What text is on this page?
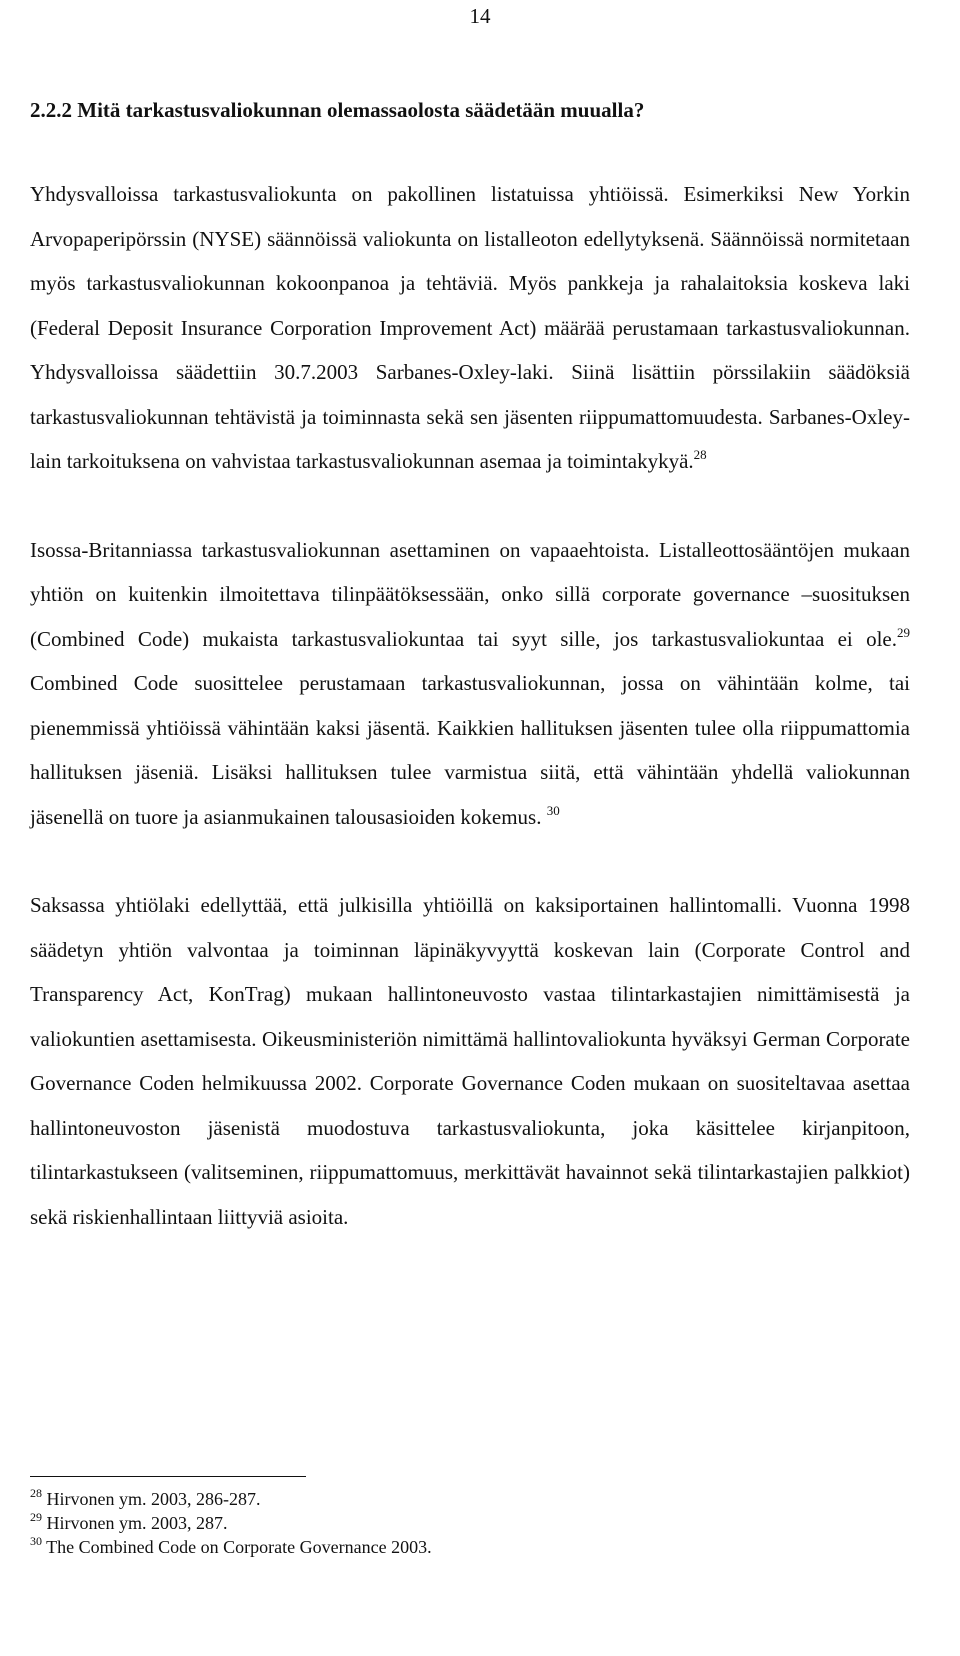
14
2.2.2 Mitä tarkastusvaliokunnan olemassaolosta säädetään muualla?

Yhdysvalloissa tarkastusvaliokunta on pakollinen listatuissa yhtiöissä. Esimerkiksi New Yorkin Arvopaperipörssin (NYSE) säännöissä valiokunta on listalleoton edellytyksenä. Säännöissä normitetaan myös tarkastusvaliokunnan kokoonpanoa ja tehtäviä. Myös pankkeja ja rahalaitoksia koskeva laki (Federal Deposit Insurance Corporation Improvement Act) määrää perustamaan tarkastusvaliokunnan. Yhdysvalloissa säädettiin 30.7.2003 Sarbanes-Oxley-laki. Siinä lisättiin pörssilakiin säädöksiä tarkastusvaliokunnan tehtävistä ja toiminnasta sekä sen jäsenten riippumattomuudesta. Sarbanes-Oxley-lain tarkoituksena on vahvistaa tarkastusvaliokunnan asemaa ja toimintakykyä.$^{28}$

Isossa-Britanniassa tarkastusvaliokunnan asettaminen on vapaaehtoista. Listalleottosääntöjen mukaan yhtiön on kuitenkin ilmoitettava tilinpäätöksessään, onko sillä corporate governance –suosituksen (Combined Code) mukaista tarkastusvaliokuntaa tai syyt sille, jos tarkastusvaliokuntaa ei ole.$^{29}$ Combined Code suosittelee perustamaan tarkastusvaliokunnan, jossa on vähintään kolme, tai pienemmissä yhtiöissä vähintään kaksi jäsentä. Kaikkien hallituksen jäsenten tulee olla riippumattomia hallituksen jäseniä. Lisäksi hallituksen tulee varmistua siitä, että vähintään yhdellä valiokunnan jäsenellä on tuore ja asianmukainen talousasioiden kokemus. $^{30}$

Saksassa yhtiölaki edellyttää, että julkisilla yhtiöillä on kaksiportainen hallintomalli. Vuonna 1998 säädetyn yhtiön valvontaa ja toiminnan läpinäkyvyyttä koskevan lain (Corporate Control and Transparency Act, KonTrag) mukaan hallintoneuvosto vastaa tilintarkastajien nimittämisestä ja valiokuntien asettamisesta. Oikeusministeriön nimittämä hallintovaliokunta hyväksyi German Corporate Governance Coden helmikuussa 2002. Corporate Governance Coden mukaan on suositeltavaa asettaa hallintoneuvoston jäsenistä muodostuva tarkastusvaliokunta, joka käsittelee kirjanpitoon, tilintarkastukseen (valitseminen, riippumattomuus, merkittävät havainnot sekä tilintarkastajien palkkiot) sekä riskienhallintaan liittyviä asioita.

$^{28}$ Hirvonen ym. 2003, 286-287.

$^{29}$ Hirvonen ym. 2003, 287.

$^{30}$ The Combined Code on Corporate Governance 2003.
